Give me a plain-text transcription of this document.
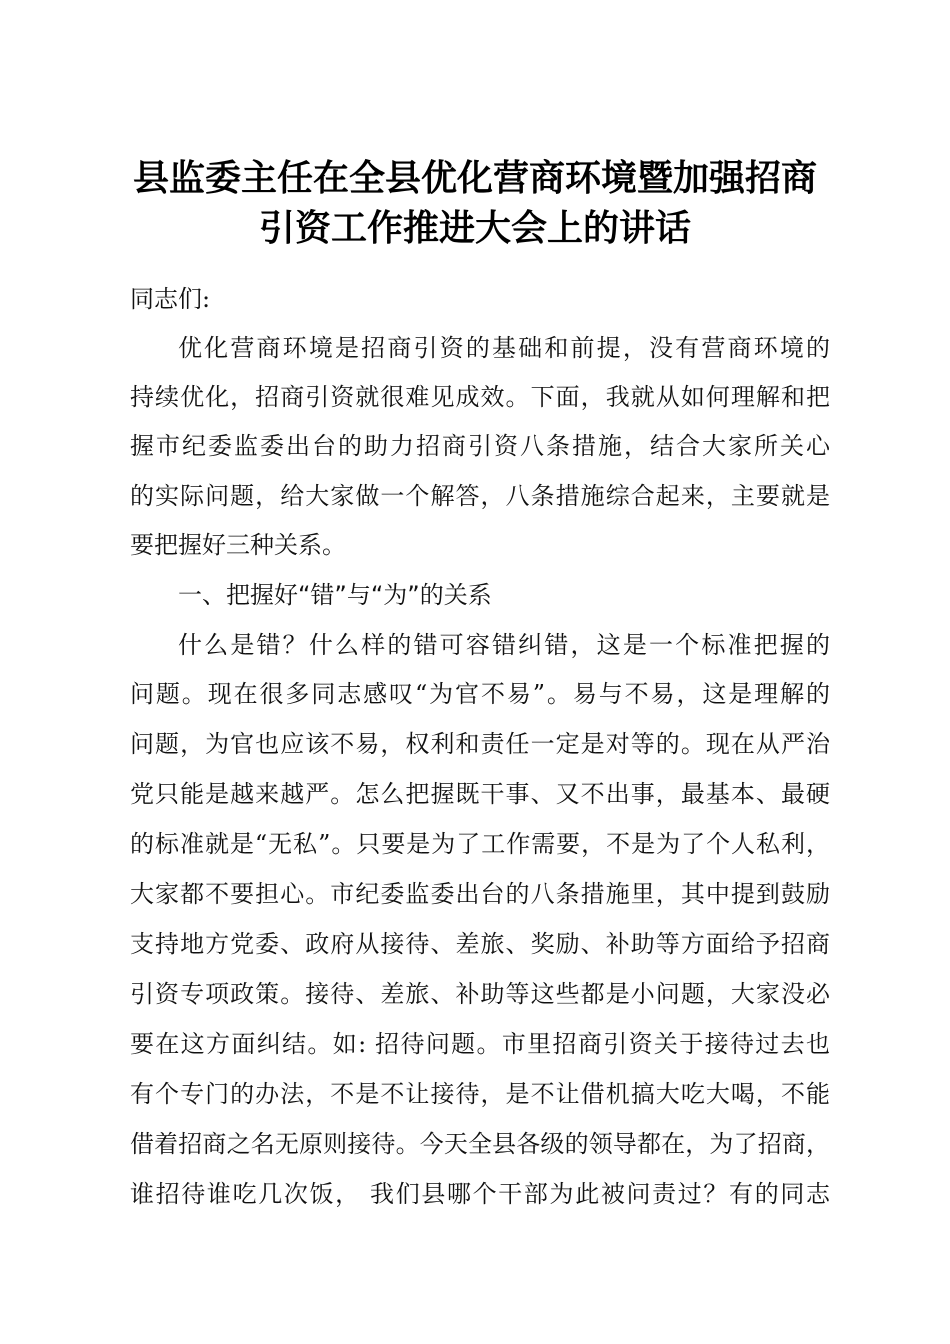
县监委主任在全县优化营商环境暨加强招商
引资工作推进大会上的讲话
同志们:
优化营商环境是招商引资的基础和前提，没有营商环境的
持续优化，招商引资就很难见成效。下面，我就从如何理解和把
握市纪委监委出台的助力招商引资八条措施，结合大家所关心
的实际问题，给大家做一个解答，八条措施综合起来，主要就是
要把握好三种关系。
一、把握好“错”与“为”的关系
什么是错？什么样的错可容错纠错，这是一个标准把握的
问题。现在很多同志感叹“为官不易”。易与不易，这是理解的
问题，为官也应该不易，权利和责任一定是对等的。现在从严治
党只能是越来越严。怎么把握既干事、又不出事，最基本、最硬
的标准就是“无私”。只要是为了工作需要，不是为了个人私利，
大家都不要担心。市纪委监委出台的八条措施里，其中提到鼓励
支持地方党委、政府从接待、差旅、奖励、补助等方面给予招商
引资专项政策。接待、差旅、补助等这些都是小问题，大家没必
要在这方面纠结。如: 招待问题。市里招商引资关于接待过去也
有个专门的办法，不是不让接待，是不让借机搞大吃大喝，不能
借着招商之名无原则接待。今天全县各级的领导都在，为了招商，
谁招待谁吃几次饭， 我们县哪个干部为此被问责过？有的同志
